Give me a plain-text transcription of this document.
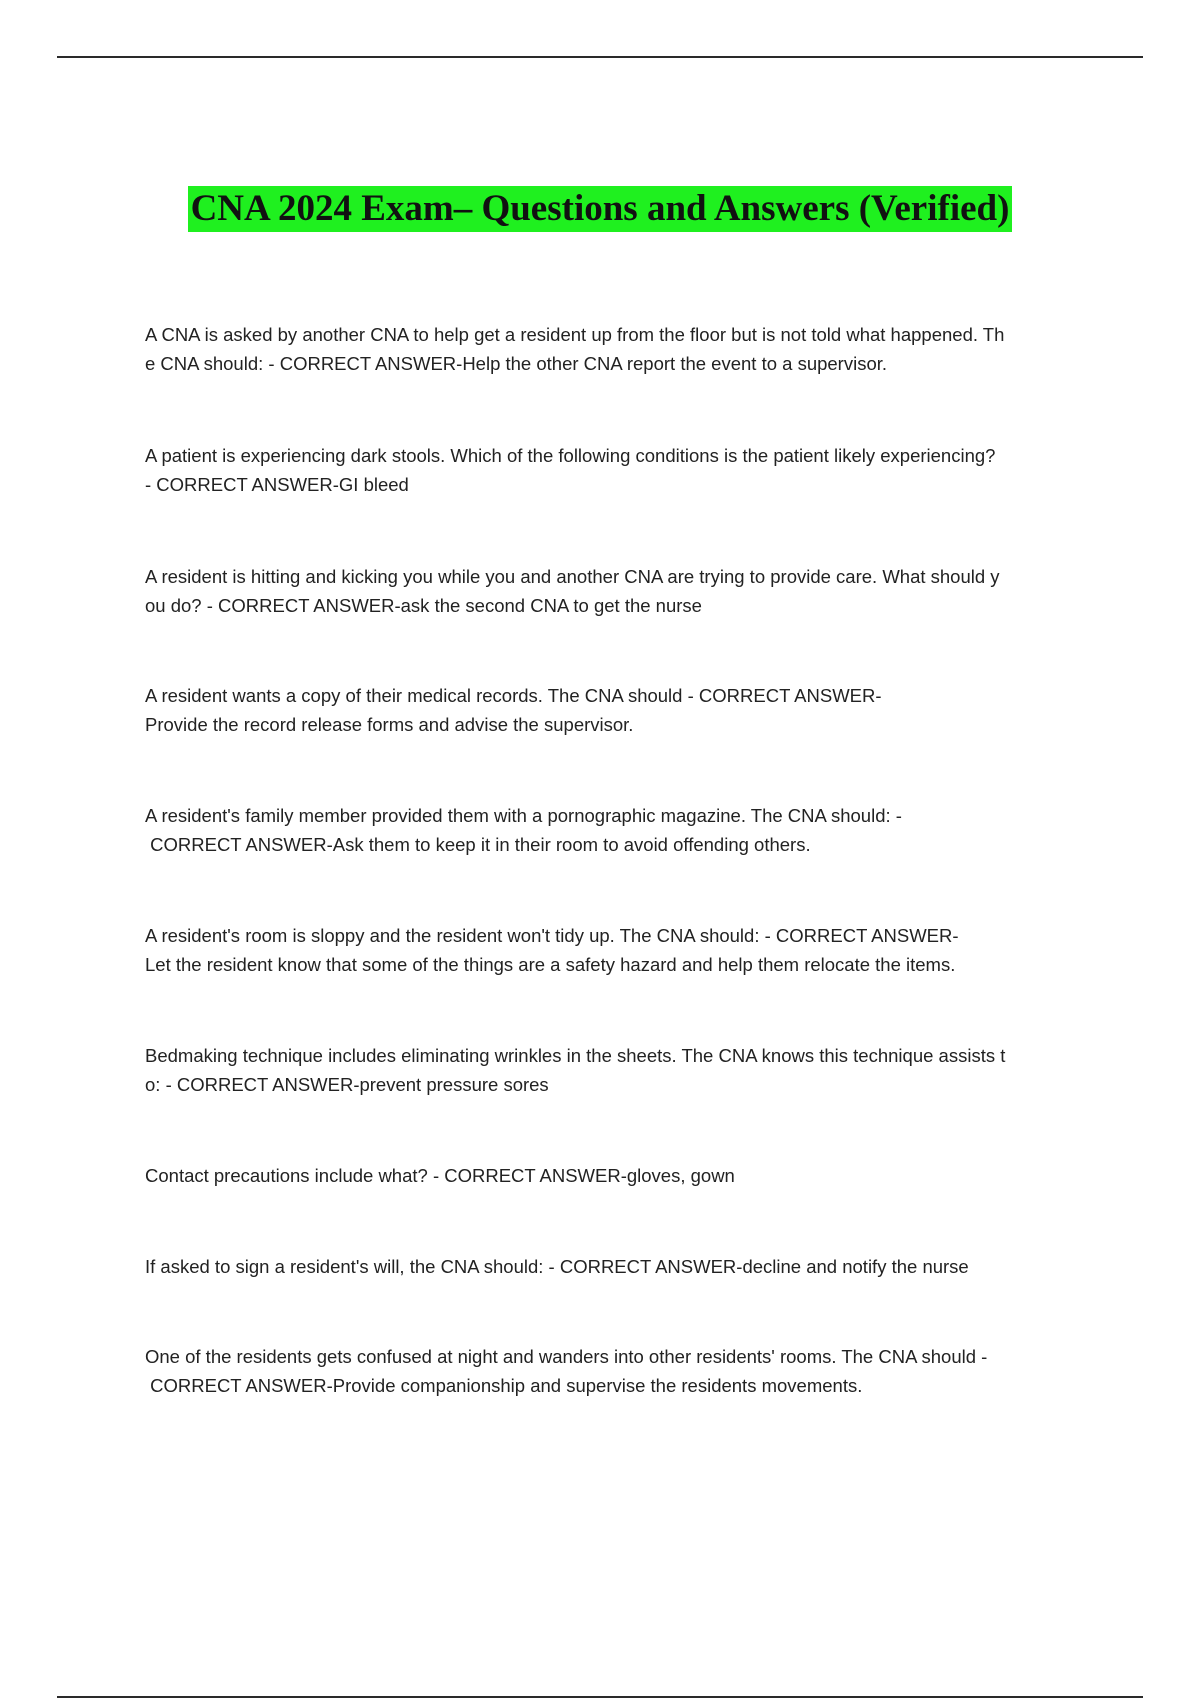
CNA 2024 Exam– Questions and Answers (Verified)
A CNA is asked by another CNA to help get a resident up from the floor but is not told what happened. Th
e CNA should: - CORRECT ANSWER-Help the other CNA report the event to a supervisor.
A patient is experiencing dark stools. Which of the following conditions is the patient likely experiencing?
- CORRECT ANSWER-GI bleed
A resident is hitting and kicking you while you and another CNA are trying to provide care. What should y
ou do? - CORRECT ANSWER-ask the second CNA to get the nurse
A resident wants a copy of their medical records. The CNA should - CORRECT ANSWER-
Provide the record release forms and advise the supervisor.
A resident's family member provided them with a pornographic magazine. The CNA should: -
CORRECT ANSWER-Ask them to keep it in their room to avoid offending others.
A resident's room is sloppy and the resident won't tidy up. The CNA should: - CORRECT ANSWER-
Let the resident know that some of the things are a safety hazard and help them relocate the items.
Bedmaking technique includes eliminating wrinkles in the sheets. The CNA knows this technique assists t
o: - CORRECT ANSWER-prevent pressure sores
Contact precautions include what? - CORRECT ANSWER-gloves, gown
If asked to sign a resident's will, the CNA should: - CORRECT ANSWER-decline and notify the nurse
One of the residents gets confused at night and wanders into other residents' rooms. The CNA should -
CORRECT ANSWER-Provide companionship and supervise the residents movements.
